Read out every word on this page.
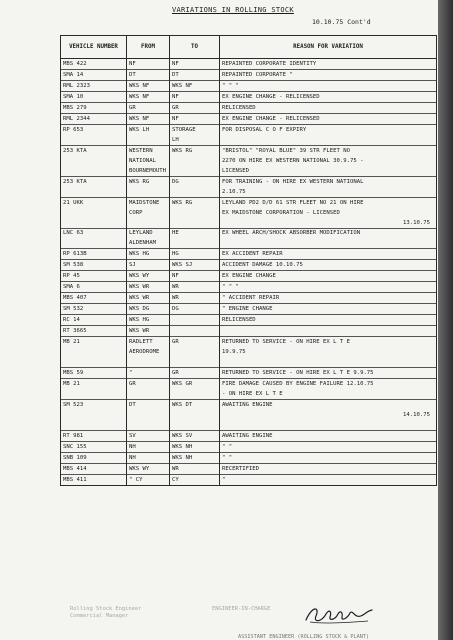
VARIATIONS IN ROLLING STOCK
10.10.75 Cont'd
VEHICLE NUMBER	FROM	TO	REASON FOR VARIATION
MBS 422	NF	NF	REPAINTED CORPORATE IDENTITY
SMA 14	DT	DT	REPAINTED CORPORATE "
RML 2323	WKS NF	WKS NF	" " "
SMA 10	WKS NF	NF	EX ENGINE CHANGE - RELICENSED
MBS 279	GR	GR	RELICENSED
RML 2344	WKS NF	NF	EX ENGINE CHANGE - RELICENSED
RP 653	WKS LH	STORAGE	FOR DISPOSAL C O F EXPIRY
		LH	
253 KTA	WESTERN	WKS RG	"BRISTOL" "ROYAL BLUE" 39 STR FLEET NO
	NATIONAL		2270 ON HIRE EX WESTERN NATIONAL 30.9.75 -
	BOURNEMOUTH		LICENSED
253 KTA	WKS RG	DG	FOR TRAINING - ON HIRE EX WESTERN NATIONAL
			2.10.75
21 UKK	MAIDSTONE	WKS RG	LEYLAND PD2 D/D 61 STR FLEET NO 21 ON HIRE
	CORP		EX MAIDSTONE CORPORATION - LICENSED
			13.10.75
LNC 63	LEYLAND	HE	EX WHEEL ARCH/SHOCK ABSORBER MODIFICATION
	ALDENHAM		
RP 613B	WKS HG	HG	EX ACCIDENT REPAIR
SM 538	SJ	WKS SJ	ACCIDENT DAMAGE 10.10.75
RP 45	WKS WY	NF	EX ENGINE CHANGE
SMA 6	WKS WR	WR	" " "
MBS 407	WKS WR	WR	" ACCIDENT REPAIR
SM 532	WKS DG	DG	" ENGINE CHANGE
RC 14	WKS HG		RELICENSED
RT 3665	WKS WR		
MB 21	RADLETT	GR	RETURNED TO SERVICE - ON HIRE EX L T E
	AERODROME		19.9.75

MBS 59	"	GR	RETURNED TO SERVICE - ON HIRE EX L T E 9.9.75
MB 21	GR	WKS GR	FIRE DAMAGE CAUSED BY ENGINE FAILURE 12.10.75
			- ON HIRE EX L T E
SM 523	DT	WKS DT	AWAITING ENGINE
			14.10.75

RT 981	SV	WKS SV	AWAITING ENGINE
SNC 155	NH	WKS NH	" "
SNB 109	NH	WKS NH	" "
MBS 414	WKS WY	WR	RECERTIFIED
MBS 411	" CY	CY	"
Rolling Stock Engineer
Commercial Manager
ENGINEER-IN-CHARGE
ASSISTANT ENGINEER (ROLLING STOCK & PLANT)
